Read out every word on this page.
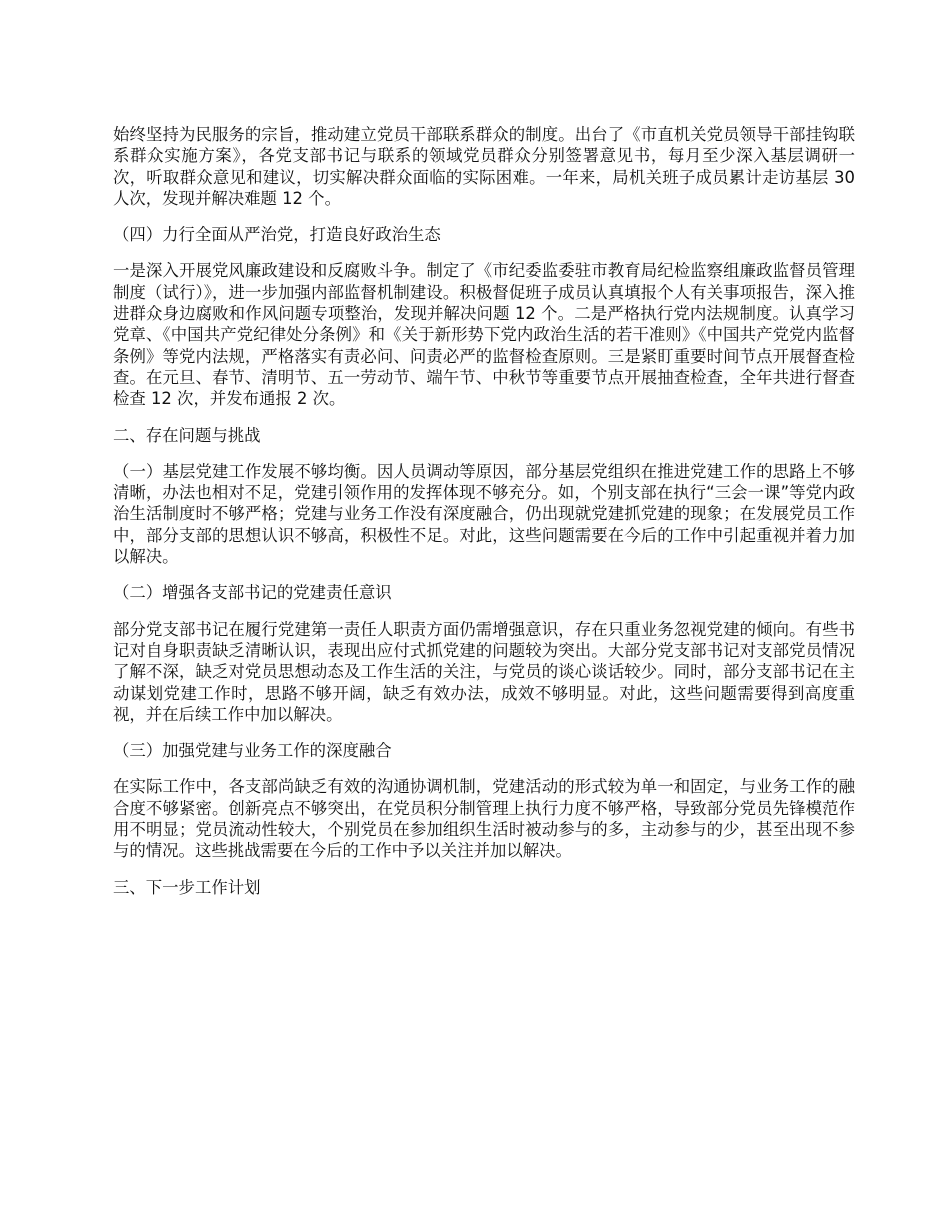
始终坚持为民服务的宗旨，推动建立党员干部联系群众的制度。出台了《市直机关党员领导干部挂钩联系群众实施方案》，各党支部书记与联系的领域党员群众分别签署意见书，每月至少深入基层调研一次，听取群众意见和建议，切实解决群众面临的实际困难。一年来，局机关班子成员累计走访基层 30 人次，发现并解决难题 12 个。

（四）力行全面从严治党，打造良好政治生态

一是深入开展党风廉政建设和反腐败斗争。制定了《市纪委监委驻市教育局纪检监察组廉政监督员管理制度（试行）》，进一步加强内部监督机制建设。积极督促班子成员认真填报个人有关事项报告，深入推进群众身边腐败和作风问题专项整治，发现并解决问题 12 个。二是严格执行党内法规制度。认真学习党章、《中国共产党纪律处分条例》和《关于新形势下党内政治生活的若干准则》《中国共产党党内监督条例》等党内法规，严格落实有责必问、问责必严的监督检查原则。三是紧盯重要时间节点开展督查检查。在元旦、春节、清明节、五一劳动节、端午节、中秋节等重要节点开展抽查检查，全年共进行督查检查 12 次，并发布通报 2 次。

二、存在问题与挑战

（一）基层党建工作发展不够均衡。因人员调动等原因，部分基层党组织在推进党建工作的思路上不够清晰，办法也相对不足，党建引领作用的发挥体现不够充分。如，个别支部在执行“三会一课”等党内政治生活制度时不够严格；党建与业务工作没有深度融合，仍出现就党建抓党建的现象；在发展党员工作中，部分支部的思想认识不够高，积极性不足。对此，这些问题需要在今后的工作中引起重视并着力加以解决。

（二）增强各支部书记的党建责任意识

部分党支部书记在履行党建第一责任人职责方面仍需增强意识，存在只重业务忽视党建的倾向。有些书记对自身职责缺乏清晰认识，表现出应付式抓党建的问题较为突出。大部分党支部书记对支部党员情况了解不深，缺乏对党员思想动态及工作生活的关注，与党员的谈心谈话较少。同时，部分支部书记在主动谋划党建工作时，思路不够开阔，缺乏有效办法，成效不够明显。对此，这些问题需要得到高度重视，并在后续工作中加以解决。

（三）加强党建与业务工作的深度融合

在实际工作中，各支部尚缺乏有效的沟通协调机制，党建活动的形式较为单一和固定，与业务工作的融合度不够紧密。创新亮点不够突出，在党员积分制管理上执行力度不够严格，导致部分党员先锋模范作用不明显；党员流动性较大，个别党员在参加组织生活时被动参与的多，主动参与的少，甚至出现不参与的情况。这些挑战需要在今后的工作中予以关注并加以解决。

三、下一步工作计划
